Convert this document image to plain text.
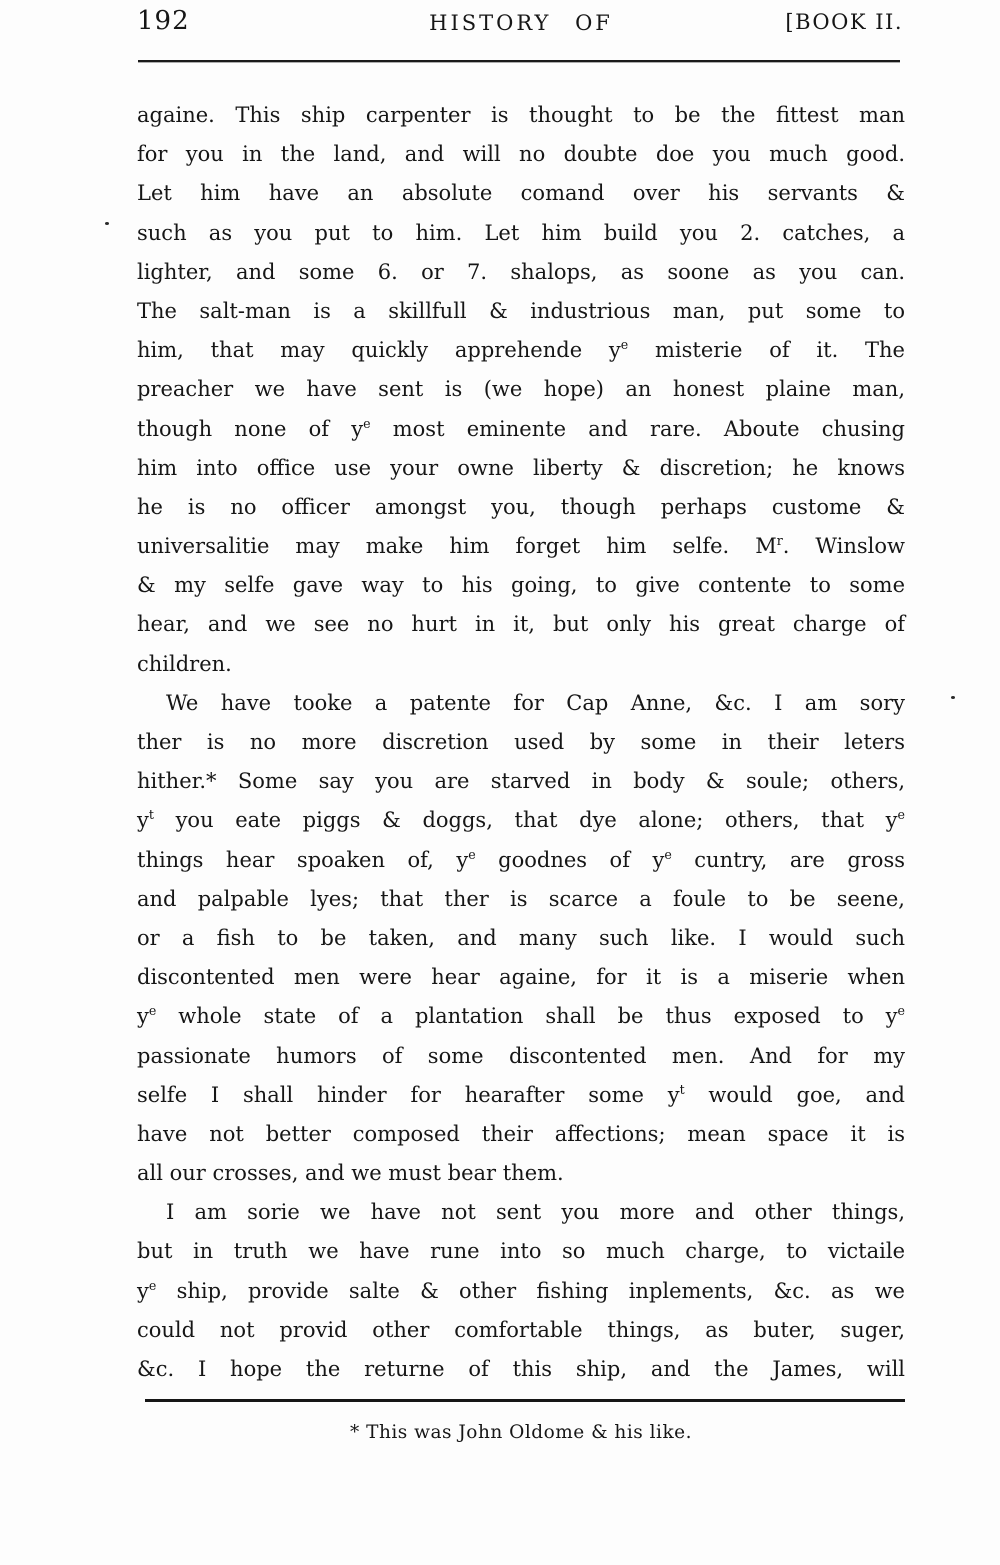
192	HISTORY OF	[BOOK II.
againe. This ship carpenter is thought to be the fittest man
for you in the land, and will no doubte doe you much good.
Let him have an absolute comand over his servants &
such as you put to him. Let him build you 2. catches, a
lighter, and some 6. or 7. shalops, as soone as you can.
The salt-man is a skillfull & industrious man, put some to
him, that may quickly apprehende $y^e$ misterie of it. The
preacher we have sent is (we hope) an honest plaine man,
though none of $y^e$ most eminente and rare. Aboute chusing
him into office use your owne liberty & discretion; he knows
he is no officer amongst you, though perhaps custome &
universalitie may make him forget him selfe. $M^r$. Winslow
& my selfe gave way to his going, to give contente to some
hear, and we see no hurt in it, but only his great charge of
children.
We have tooke a patente for Cap Anne, &c. I am sory
ther is no more discretion used by some in their leters
hither.* Some say you are starved in body & soule; others,
$y^t$ you eate piggs & doggs, that dye alone; others, that $y^e$
things hear spoaken of, $y^e$ goodnes of $y^e$ cuntry, are gross
and palpable lyes; that ther is scarce a foule to be seene,
or a fish to be taken, and many such like. I would such
discontented men were hear againe, for it is a miserie when
$y^e$ whole state of a plantation shall be thus exposed to $y^e$
passionate humors of some discontented men. And for my
selfe I shall hinder for hearafter some $y^t$ would goe, and
have not better composed their affections; mean space it is
all our crosses, and we must bear them.
I am sorie we have not sent you more and other things,
but in truth we have rune into so much charge, to victaile
$y^e$ ship, provide salte & other fishing inplements, &c. as we
could not provid other comfortable things, as buter, suger,
&c. I hope the returne of this ship, and the James, will
* This was John Oldome & his like.
